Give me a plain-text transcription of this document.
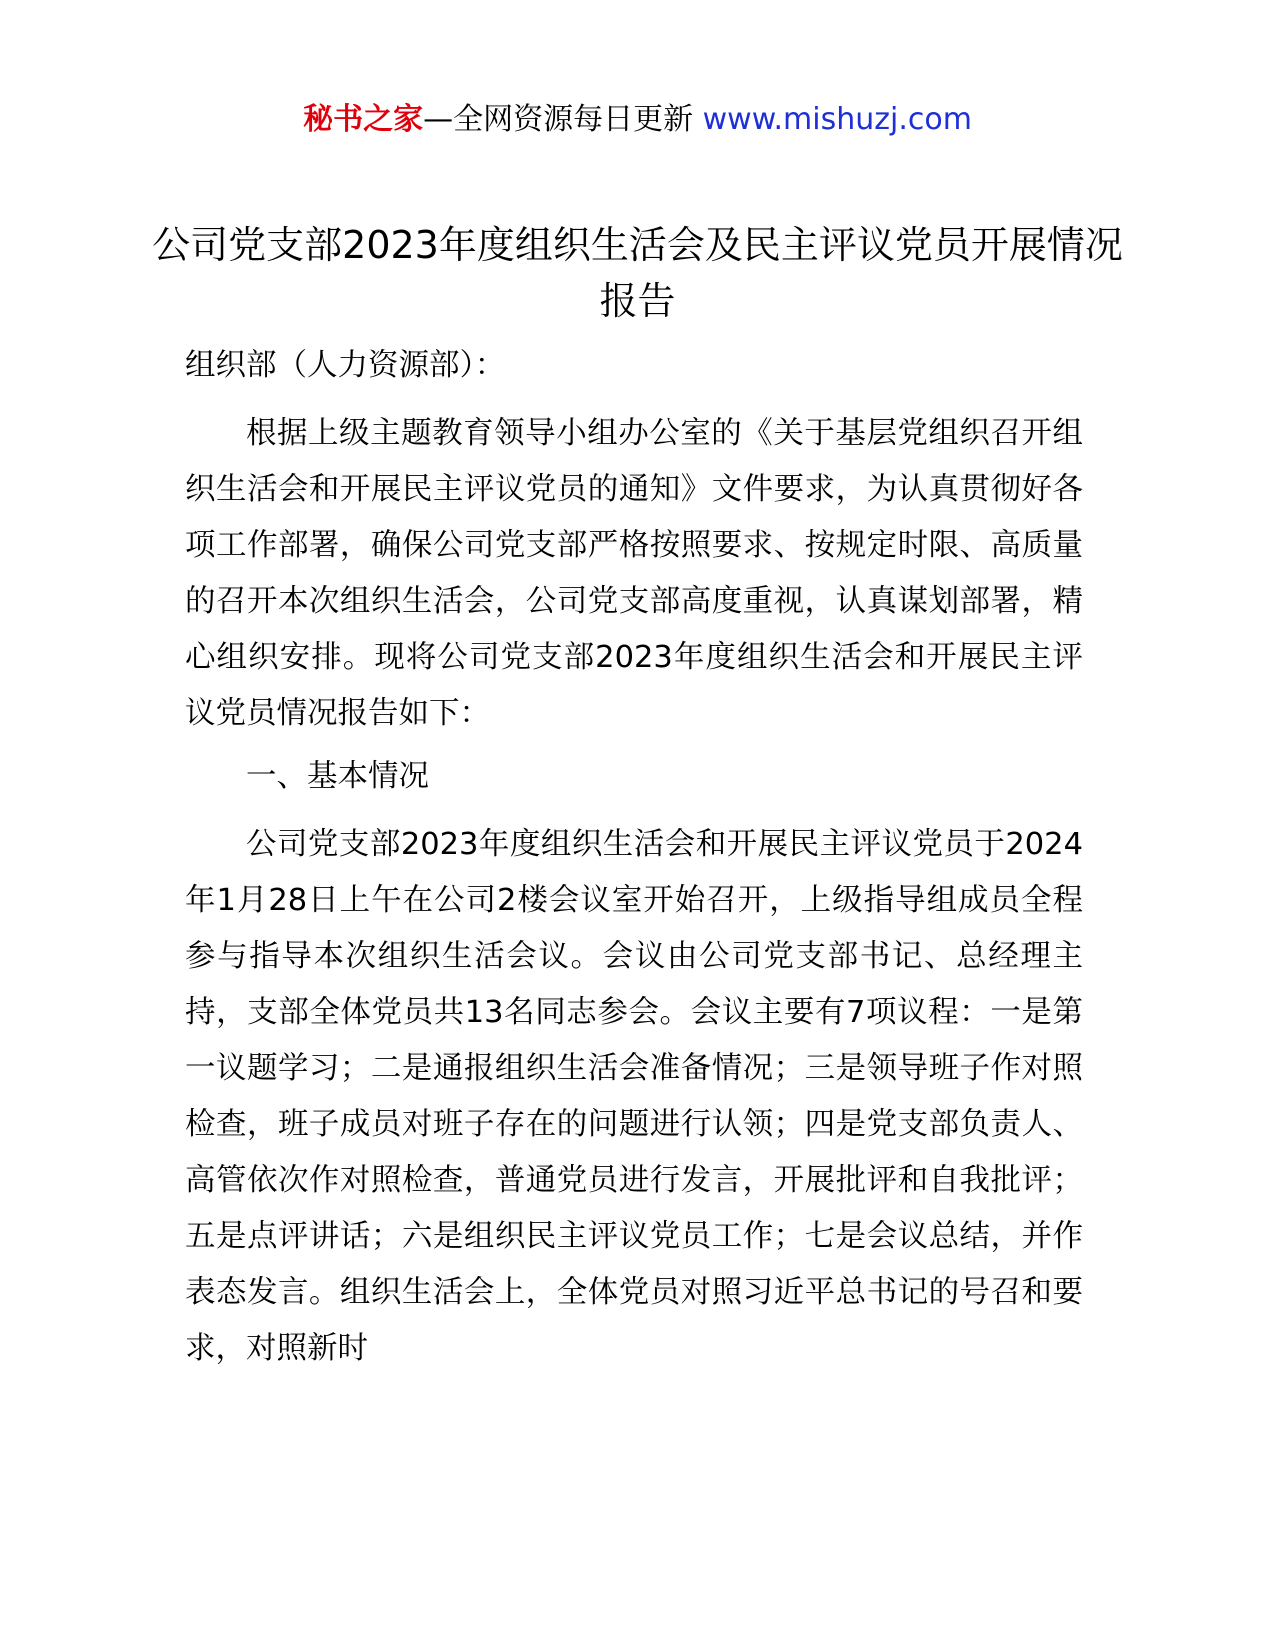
秘书之家—全网资源每日更新 www.mishuzj.com
公司党支部2023年度组织生活会及民主评议党员开展情况报告

组织部（人力资源部）：

根据上级主题教育领导小组办公室的《关于基层党组织召开组织生活会和开展民主评议党员的通知》文件要求，为认真贯彻好各项工作部署，确保公司党支部严格按照要求、按规定时限、高质量的召开本次组织生活会，公司党支部高度重视，认真谋划部署，精心组织安排。现将公司党支部2023年度组织生活会和开展民主评议党员情况报告如下：

一、基本情况

公司党支部2023年度组织生活会和开展民主评议党员于2024年1月28日上午在公司2楼会议室开始召开，上级指导组成员全程参与指导本次组织生活会议。会议由公司党支部书记、总经理主持，支部全体党员共13名同志参会。会议主要有7项议程：一是第一议题学习；二是通报组织生活会准备情况；三是领导班子作对照检查，班子成员对班子存在的问题进行认领；四是党支部负责人、高管依次作对照检查，普通党员进行发言，开展批评和自我批评；五是点评讲话；六是组织民主评议党员工作；七是会议总结，并作表态发言。组织生活会上，全体党员对照习近平总书记的号召和要求，对照新时
